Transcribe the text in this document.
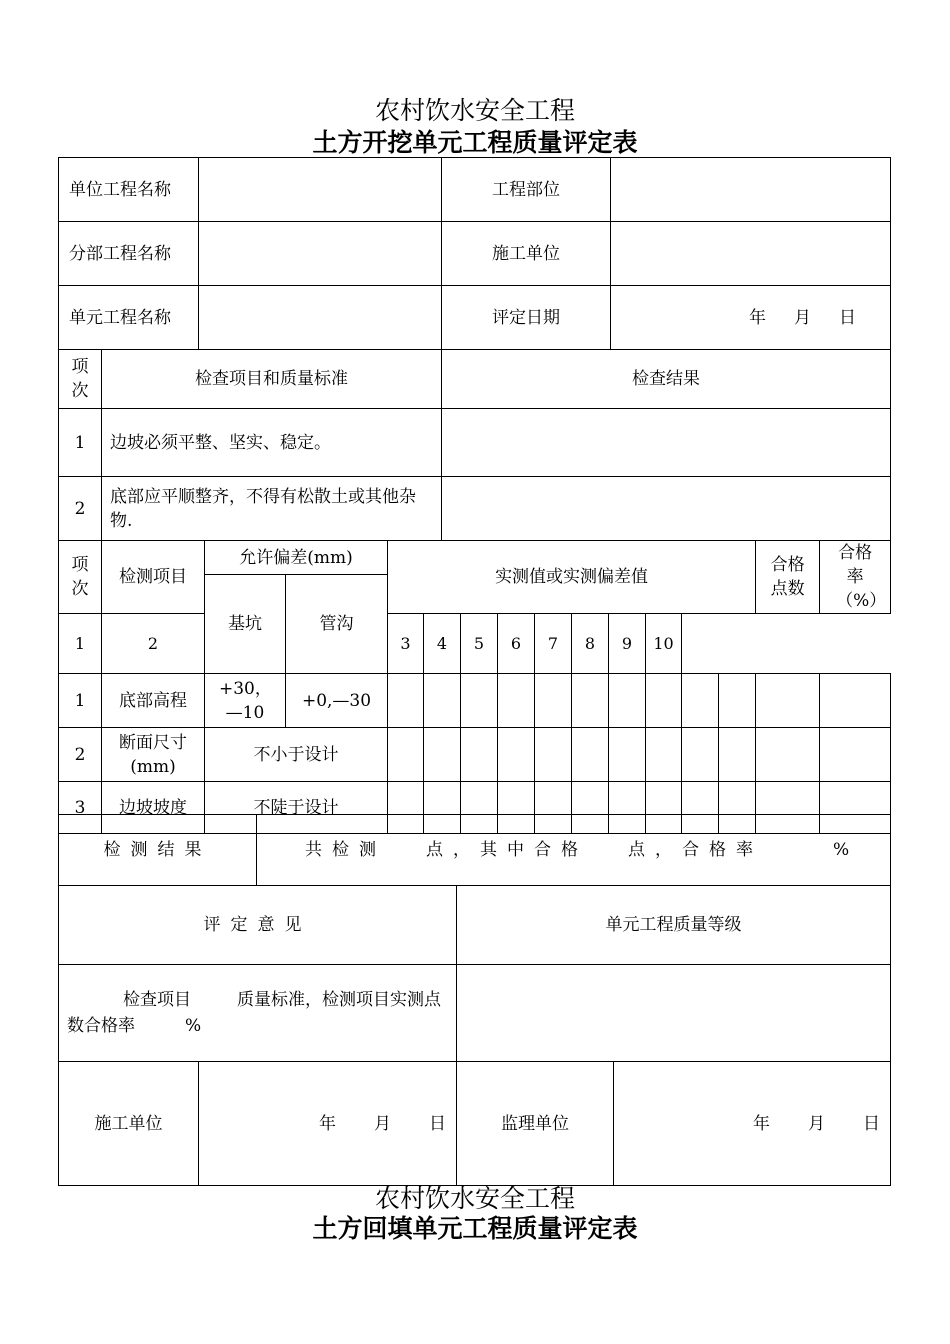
农村饮水安全工程
土方开挖单元工程质量评定表
单位工程名称		工程部位	
分部工程名称		施工单位	
单元工程名称		评定日期	年 月 日
项次	检查项目和质量标准	检查结果
1	边坡必须平整、坚实、稳定。	
2	底部应平顺整齐，不得有松散土或其他杂物.	
项次	检测项目	允许偏差(mm)		实测值或实测偏差值										合格点数	合格率（%）
		基坑	管沟												
1	2			3	4	5	6	7	8	9	10				
1	底部高程	+30，—10	+0,—30												
2	断面尺寸(mm)	不小于设计													
3	边坡坡度	不陡于设计													
检测结果		共检测 点，其中合格 点，合格率 %		
评定意见			单元工程质量等级	
检查项目 质量标准，检测项目实测点数合格率 %				
施工单位	年 月 日		监理单位	年 月 日
农村饮水安全工程
土方回填单元工程质量评定表
